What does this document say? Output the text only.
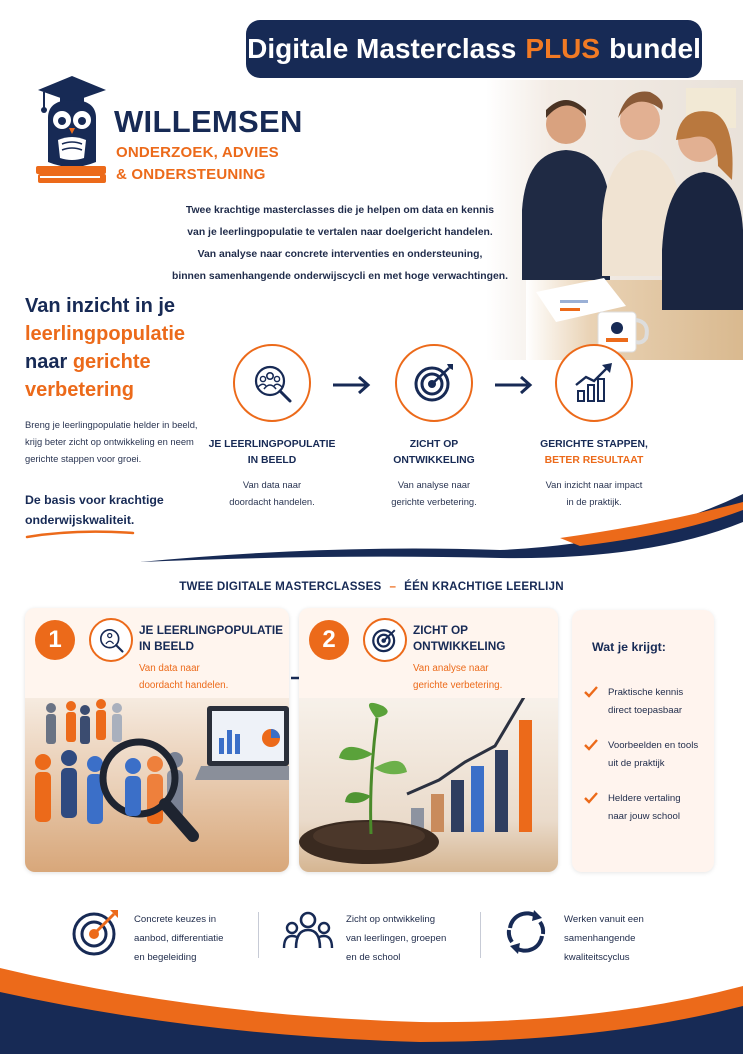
Digitale Masterclass PLUS bundel
WILLEMSEN
ONDERZOEK, ADVIES
& ONDERSTEUNING
Twee krachtige masterclasses die je helpen om data en kennis
van je leerlingpopulatie te vertalen naar doelgericht handelen.
Van analyse naar concrete interventies en ondersteuning,
binnen samenhangende onderwijscycli en met hoge verwachtingen.
Van inzicht in je
leerlingpopulatie
naar gerichte
verbetering
Breng je leerlingpopulatie helder in beeld,
krijg beter zicht op ontwikkeling en neem
gerichte stappen voor groei.
De basis voor krachtige
onderwijskwaliteit.
JE LEERLINGPOPULATIE
IN BEELD
Van data naar
doordacht handelen.
ZICHT OP
ONTWIKKELING
Van analyse naar
gerichte verbetering.
GERICHTE STAPPEN,
BETER RESULTAAT
Van inzicht naar impact
in de praktijk.
TWEE DIGITALE MASTERCLASSES – ÉÉN KRACHTIGE LEERLIJN
1	JE LEERLINGPOPULATIE
IN BEELD
Van data naar
doordacht handelen.
2	ZICHT OP
ONTWIKKELING
Van analyse naar
gerichte verbetering.
Wat je krijgt:
Praktische kennis
direct toepasbaar
Voorbeelden en tools
uit de praktijk
Heldere vertaling
naar jouw school
Concrete keuzes in
aanbod, differentiatie
en begeleiding
Zicht op ontwikkeling
van leerlingen, groepen
en de school
Werken vanuit een
samenhangende
kwaliteitscyclus
